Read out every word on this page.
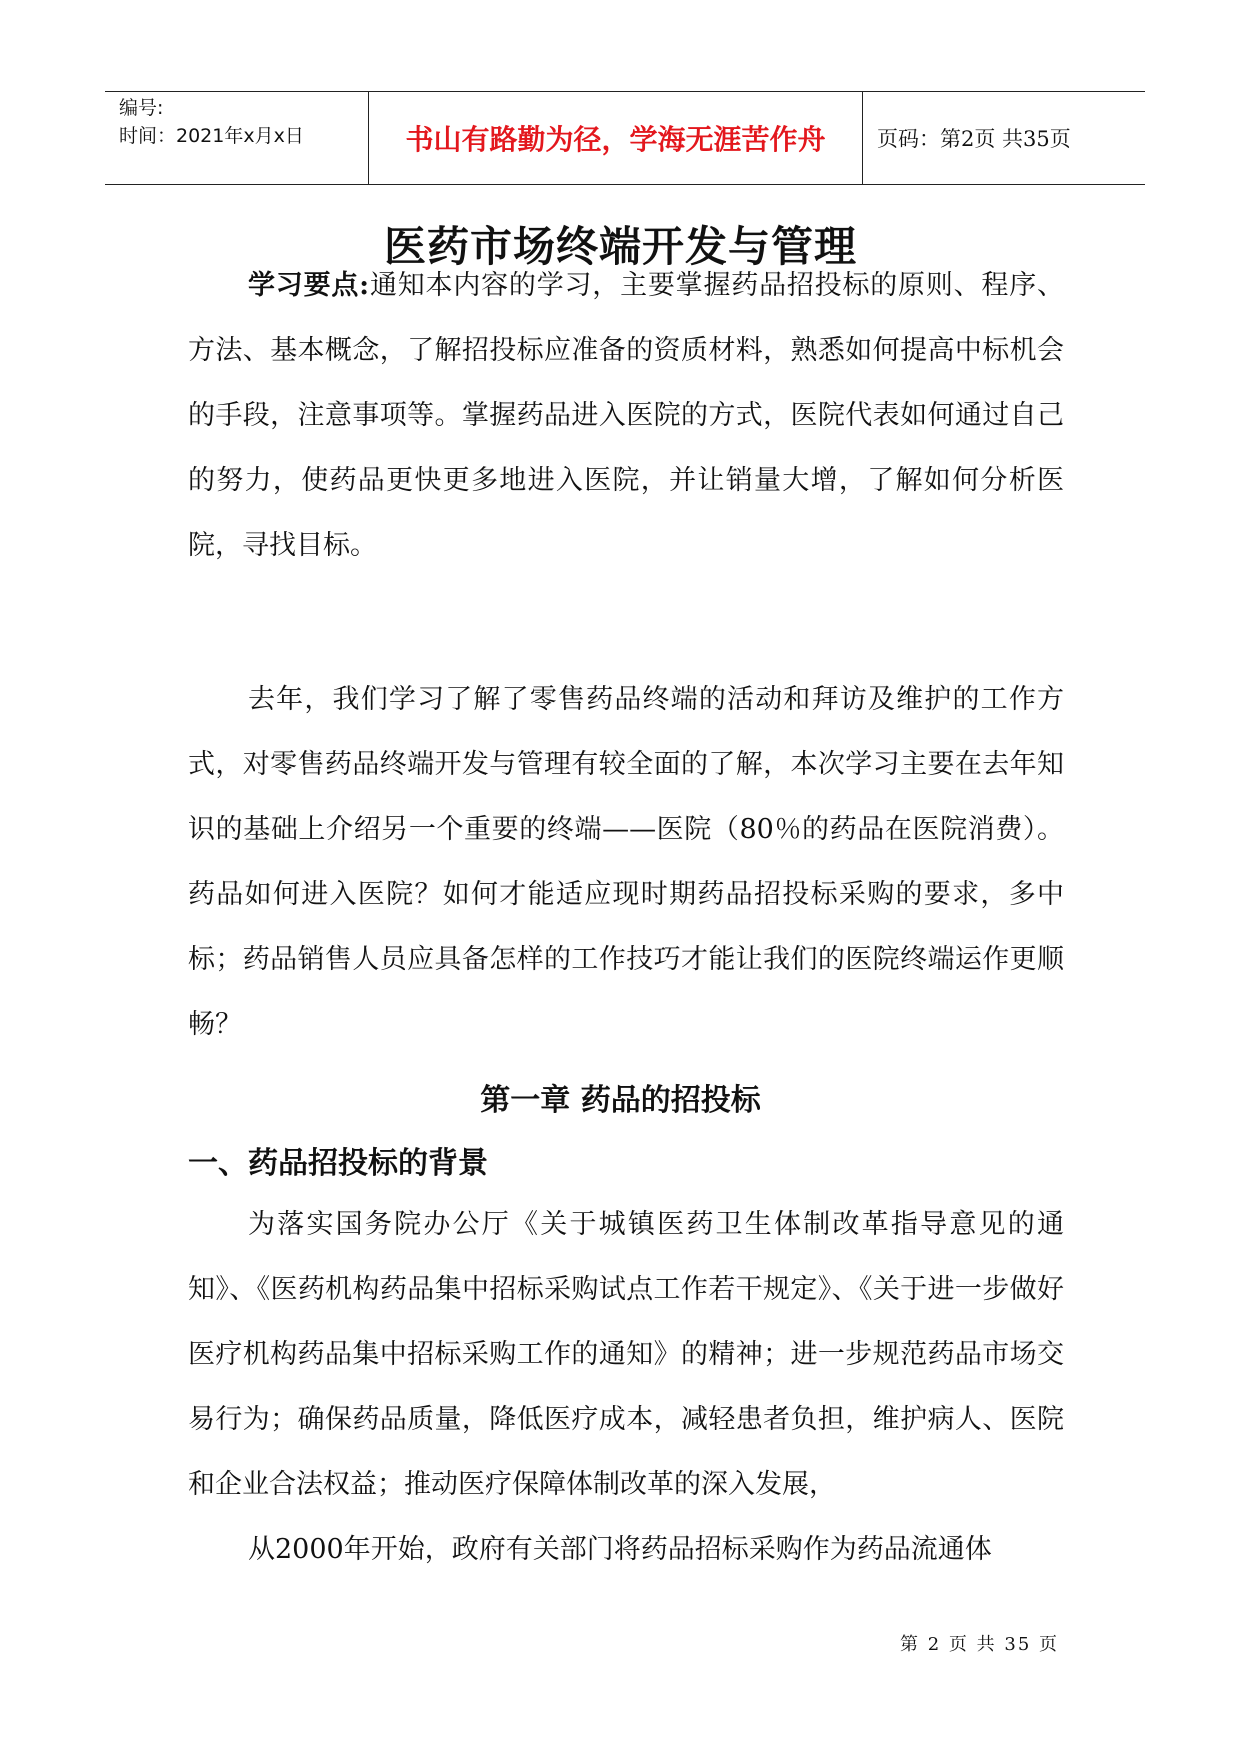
编号:
时间：2021年x月x日	书山有路勤为径，学海无涯苦作舟	页码：第2页 共35页
医药市场终端开发与管理

学习要点:通知本内容的学习，主要掌握药品招投标的原则、程序、方法、基本概念，了解招投标应准备的资质材料，熟悉如何提高中标机会的手段，注意事项等。掌握药品进入医院的方式，医院代表如何通过自己的努力，使药品更快更多地进入医院，并让销量大增，了解如何分析医院，寻找目标。

去年，我们学习了解了零售药品终端的活动和拜访及维护的工作方式，对零售药品终端开发与管理有较全面的了解，本次学习主要在去年知识的基础上介绍另一个重要的终端——医院（80％的药品在医院消费）。药品如何进入医院？如何才能适应现时期药品招投标采购的要求，多中标；药品销售人员应具备怎样的工作技巧才能让我们的医院终端运作更顺畅？

第一章 药品的招投标
一、药品招投标的背景

为落实国务院办公厅《关于城镇医药卫生体制改革指导意见的通知》、《医药机构药品集中招标采购试点工作若干规定》、《关于进一步做好医疗机构药品集中招标采购工作的通知》的精神；进一步规范药品市场交易行为；确保药品质量，降低医疗成本，减轻患者负担，维护病人、医院和企业合法权益；推动医疗保障体制改革的深入发展，

从2000年开始，政府有关部门将药品招标采购作为药品流通体

第 2 页 共 35 页
